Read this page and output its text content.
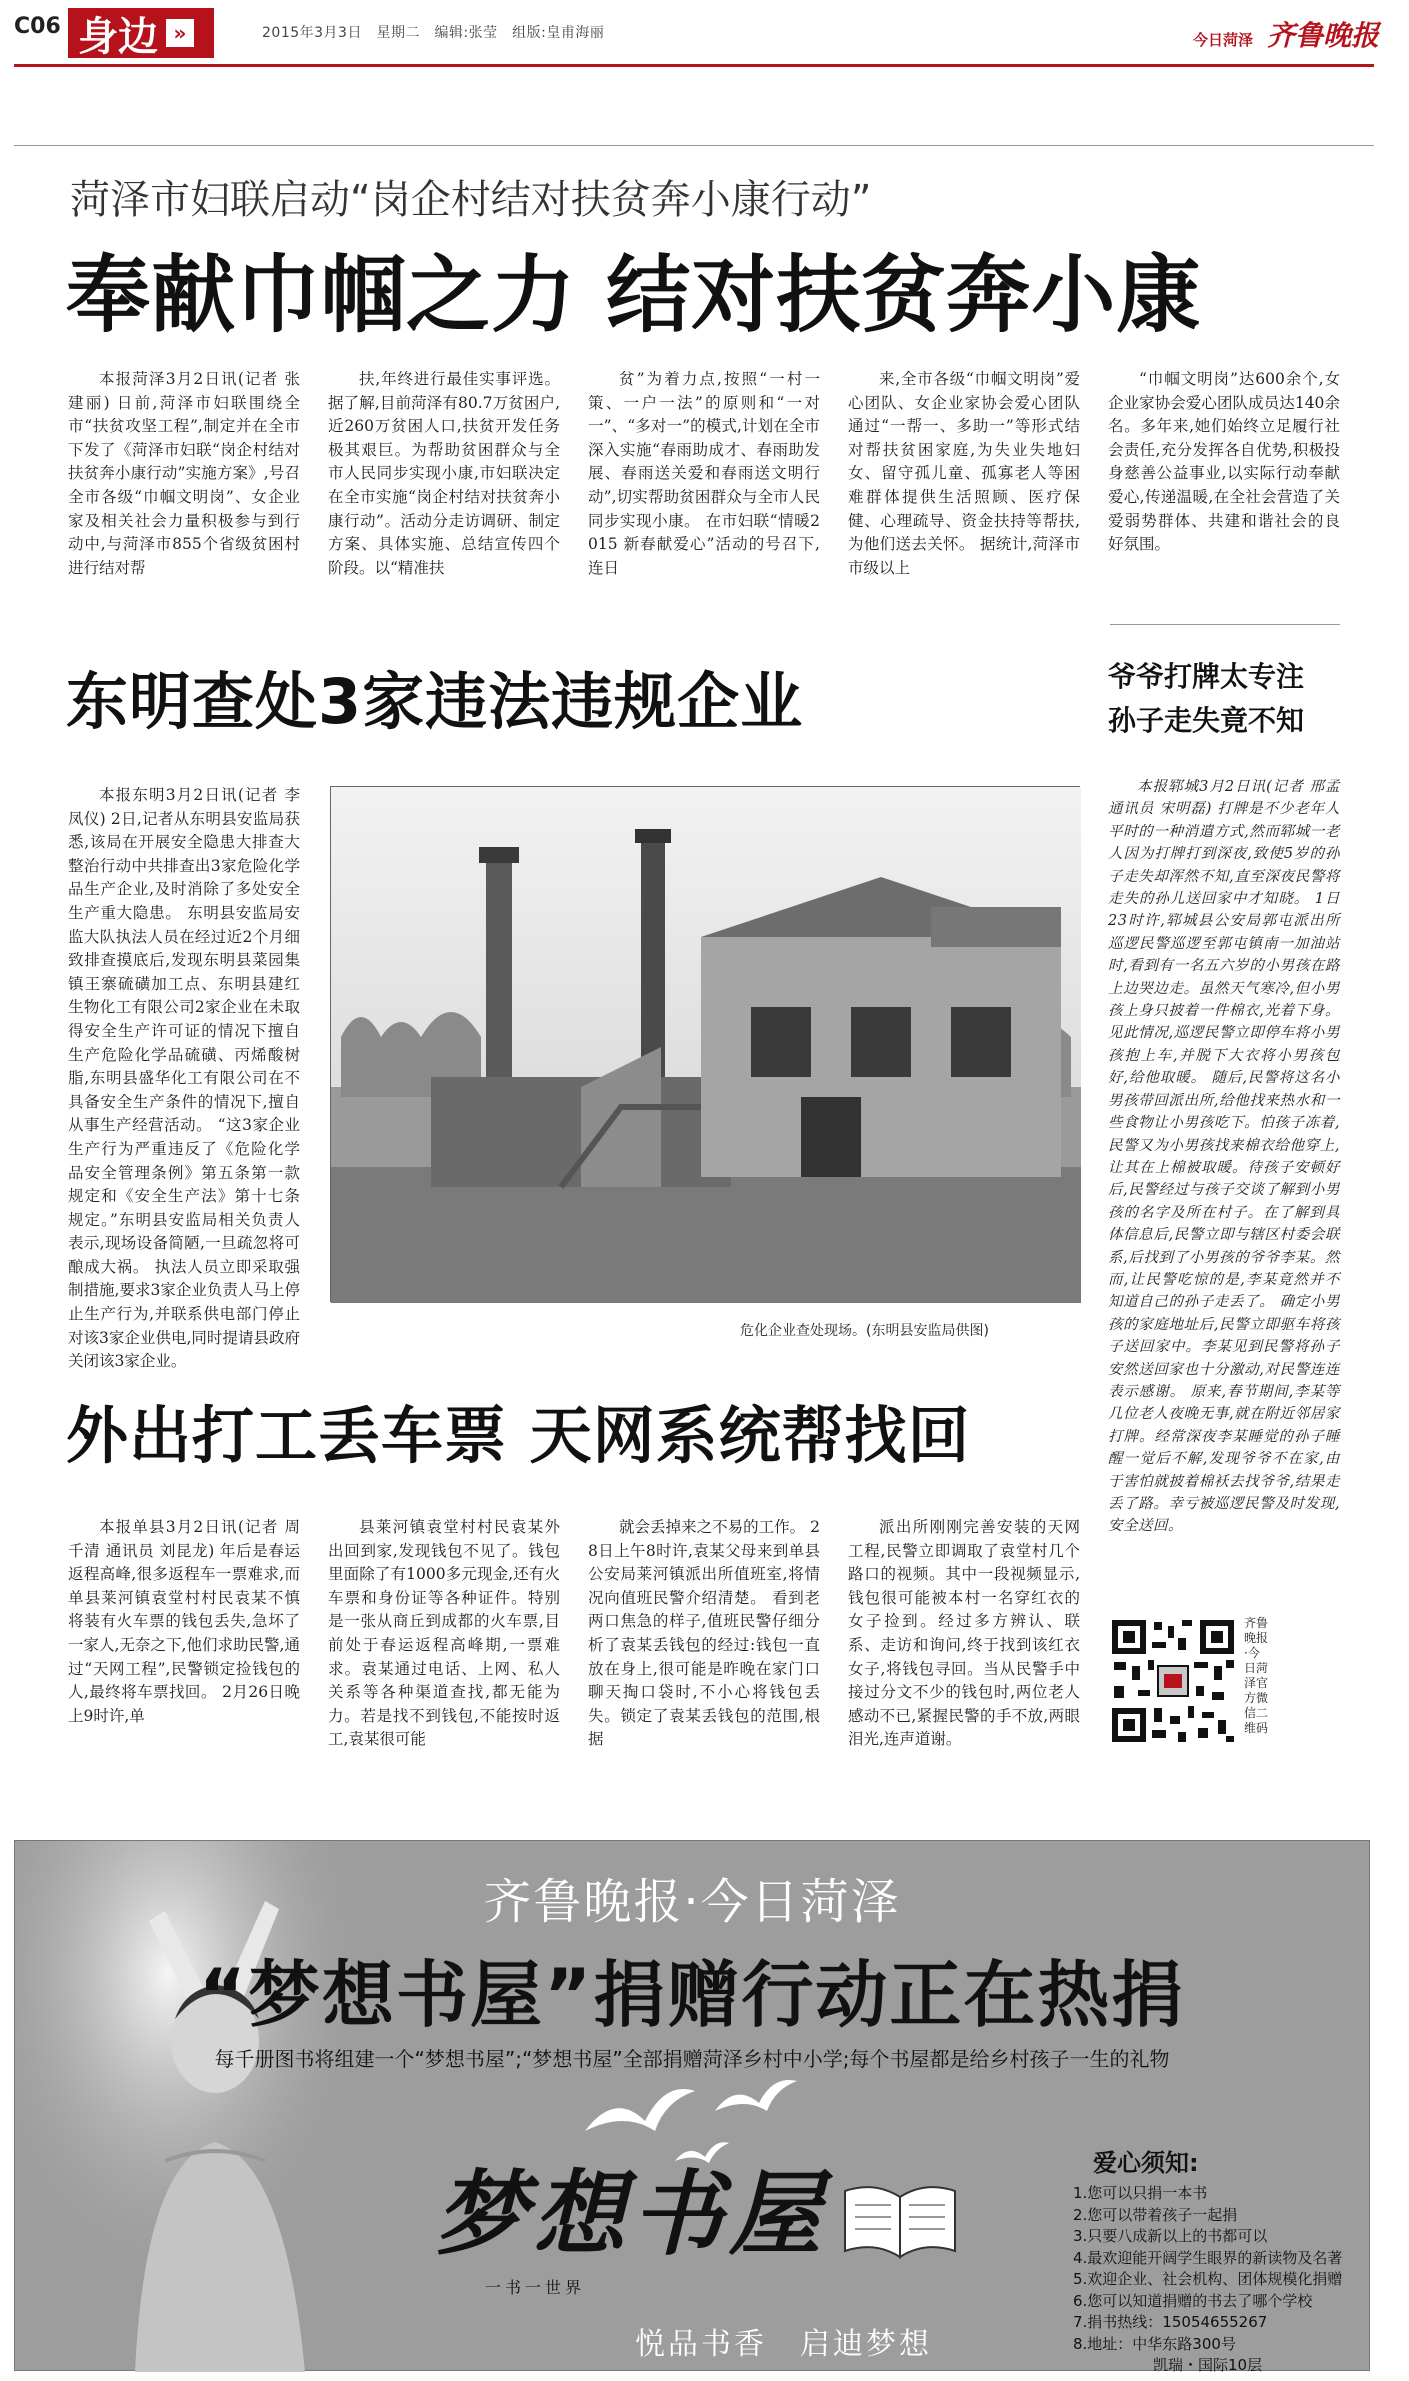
C06 身边 »	2015年3月3日　星期二　编辑:张莹　组版:皇甫海丽	今日菏泽 齐鲁晚报
菏泽市妇联启动“岗企村结对扶贫奔小康行动”
奉献巾帼之力 结对扶贫奔小康

本报菏泽3月2日讯(记者 张建丽) 日前,菏泽市妇联围绕全市“扶贫攻坚工程”,制定并在全市下发了《菏泽市妇联“岗企村结对扶贫奔小康行动”实施方案》,号召全市各级“巾帼文明岗”、女企业家及相关社会力量积极参与到行动中,与菏泽市855个省级贫困村进行结对帮

扶,年终进行最佳实事评选。 据了解,目前菏泽有80.7万贫困户,近260万贫困人口,扶贫开发任务极其艰巨。为帮助贫困群众与全市人民同步实现小康,市妇联决定在全市实施“岗企村结对扶贫奔小康行动”。活动分走访调研、制定方案、具体实施、总结宣传四个阶段。以“精准扶

贫”为着力点,按照“一村一策、一户一法”的原则和“一对一”、“多对一”的模式,计划在全市深入实施“春雨助成才、春雨助发展、春雨送关爱和春雨送文明行动”,切实帮助贫困群众与全市人民同步实现小康。 在市妇联“情暖2015 新春献爱心”活动的号召下,连日

来,全市各级“巾帼文明岗”爱心团队、女企业家协会爱心团队通过“一帮一、多助一”等形式结对帮扶贫困家庭,为失业失地妇女、留守孤儿童、孤寡老人等困难群体提供生活照顾、医疗保健、心理疏导、资金扶持等帮扶,为他们送去关怀。 据统计,菏泽市市级以上

“巾帼文明岗”达600余个,女企业家协会爱心团队成员达140余名。多年来,她们始终立足履行社会责任,充分发挥各自优势,积极投身慈善公益事业,以实际行动奉献爱心,传递温暖,在全社会营造了关爱弱势群体、共建和谐社会的良好氛围。

东明查处3家违法违规企业

本报东明3月2日讯(记者 李凤仪) 2日,记者从东明县安监局获悉,该局在开展安全隐患大排查大整治行动中共排查出3家危险化学品生产企业,及时消除了多处安全生产重大隐患。 东明县安监局安监大队执法人员在经过近2个月细致排查摸底后,发现东明县菜园集镇王寨硫磺加工点、东明县建红生物化工有限公司2家企业在未取得安全生产许可证的情况下擅自生产危险化学品硫磺、丙烯酸树脂,东明县盛华化工有限公司在不具备安全生产条件的情况下,擅自从事生产经营活动。 “这3家企业生产行为严重违反了《危险化学品安全管理条例》第五条第一款规定和《安全生产法》第十七条规定。”东明县安监局相关负责人表示,现场设备简陋,一旦疏忽将可酿成大祸。 执法人员立即采取强制措施,要求3家企业负责人马上停止生产行为,并联系供电部门停止对该3家企业供电,同时提请县政府关闭该3家企业。

危化企业查处现场。(东明县安监局供图)
外出打工丢车票 天网系统帮找回

本报单县3月2日讯(记者 周千清 通讯员 刘昆龙) 年后是春运返程高峰,很多返程车一票难求,而单县莱河镇袁堂村村民袁某不慎将装有火车票的钱包丢失,急坏了一家人,无奈之下,他们求助民警,通过“天网工程”,民警锁定捡钱包的人,最终将车票找回。 2月26日晚上9时许,单

县莱河镇袁堂村村民袁某外出回到家,发现钱包不见了。钱包里面除了有1000多元现金,还有火车票和身份证等各种证件。特别是一张从商丘到成都的火车票,目前处于春运返程高峰期,一票难求。袁某通过电话、上网、私人关系等各种渠道查找,都无能为力。若是找不到钱包,不能按时返工,袁某很可能

就会丢掉来之不易的工作。 28日上午8时许,袁某父母来到单县公安局莱河镇派出所值班室,将情况向值班民警介绍清楚。 看到老两口焦急的样子,值班民警仔细分析了袁某丢钱包的经过:钱包一直放在身上,很可能是昨晚在家门口聊天掏口袋时,不小心将钱包丢失。锁定了袁某丢钱包的范围,根据

派出所刚刚完善安装的天网工程,民警立即调取了袁堂村几个路口的视频。其中一段视频显示,钱包很可能被本村一名穿红衣的女子捡到。经过多方辨认、联系、走访和询问,终于找到该红衣女子,将钱包寻回。当从民警手中接过分文不少的钱包时,两位老人感动不已,紧握民警的手不放,两眼泪光,连声道谢。

爷爷打牌太专注
孙子走失竟不知

本报郓城3月2日讯(记者 邢孟 通讯员 宋明磊) 打牌是不少老年人平时的一种消遣方式,然而郓城一老人因为打牌打到深夜,致使5岁的孙子走失却浑然不知,直至深夜民警将走失的孙儿送回家中才知晓。 1日23时许,郓城县公安局郭屯派出所巡逻民警巡逻至郭屯镇南一加油站时,看到有一名五六岁的小男孩在路上边哭边走。虽然天气寒冷,但小男孩上身只披着一件棉衣,光着下身。见此情况,巡逻民警立即停车将小男孩抱上车,并脱下大衣将小男孩包好,给他取暖。 随后,民警将这名小男孩带回派出所,给他找来热水和一些食物让小男孩吃下。怕孩子冻着,民警又为小男孩找来棉衣给他穿上,让其在上棉被取暖。待孩子安顿好后,民警经过与孩子交谈了解到小男孩的名字及所在村子。在了解到具体信息后,民警立即与辖区村委会联系,后找到了小男孩的爷爷李某。然而,让民警吃惊的是,李某竟然并不知道自己的孙子走丢了。 确定小男孩的家庭地址后,民警立即驱车将孩子送回家中。李某见到民警将孙子安然送回家也十分激动,对民警连连表示感谢。 原来,春节期间,李某等几位老人夜晚无事,就在附近邻居家打牌。经常深夜李某睡觉的孙子睡醒一觉后不解,发现爷爷不在家,由于害怕就披着棉袄去找爷爷,结果走丢了路。幸亏被巡逻民警及时发现,安全送回。

齐鲁晚报·今日菏泽官方微信二维码
齐鲁晚报·今日菏泽
“梦想书屋”捐赠行动正在热捐
每千册图书将组建一个“梦想书屋”;“梦想书屋”全部捐赠菏泽乡村中小学;每个书屋都是给乡村孩子一生的礼物
梦想书屋
一书一世界
悦品书香　启迪梦想
爱心须知:
1.您可以只捐一本书
2.您可以带着孩子一起捐
3.只要八成新以上的书都可以
4.最欢迎能开阔学生眼界的新读物及名著
5.欢迎企业、社会机构、团体规模化捐赠
6.您可以知道捐赠的书去了哪个学校
7.捐书热线：15054655267
8.地址：中华东路300号
凯瑞・国际10层
